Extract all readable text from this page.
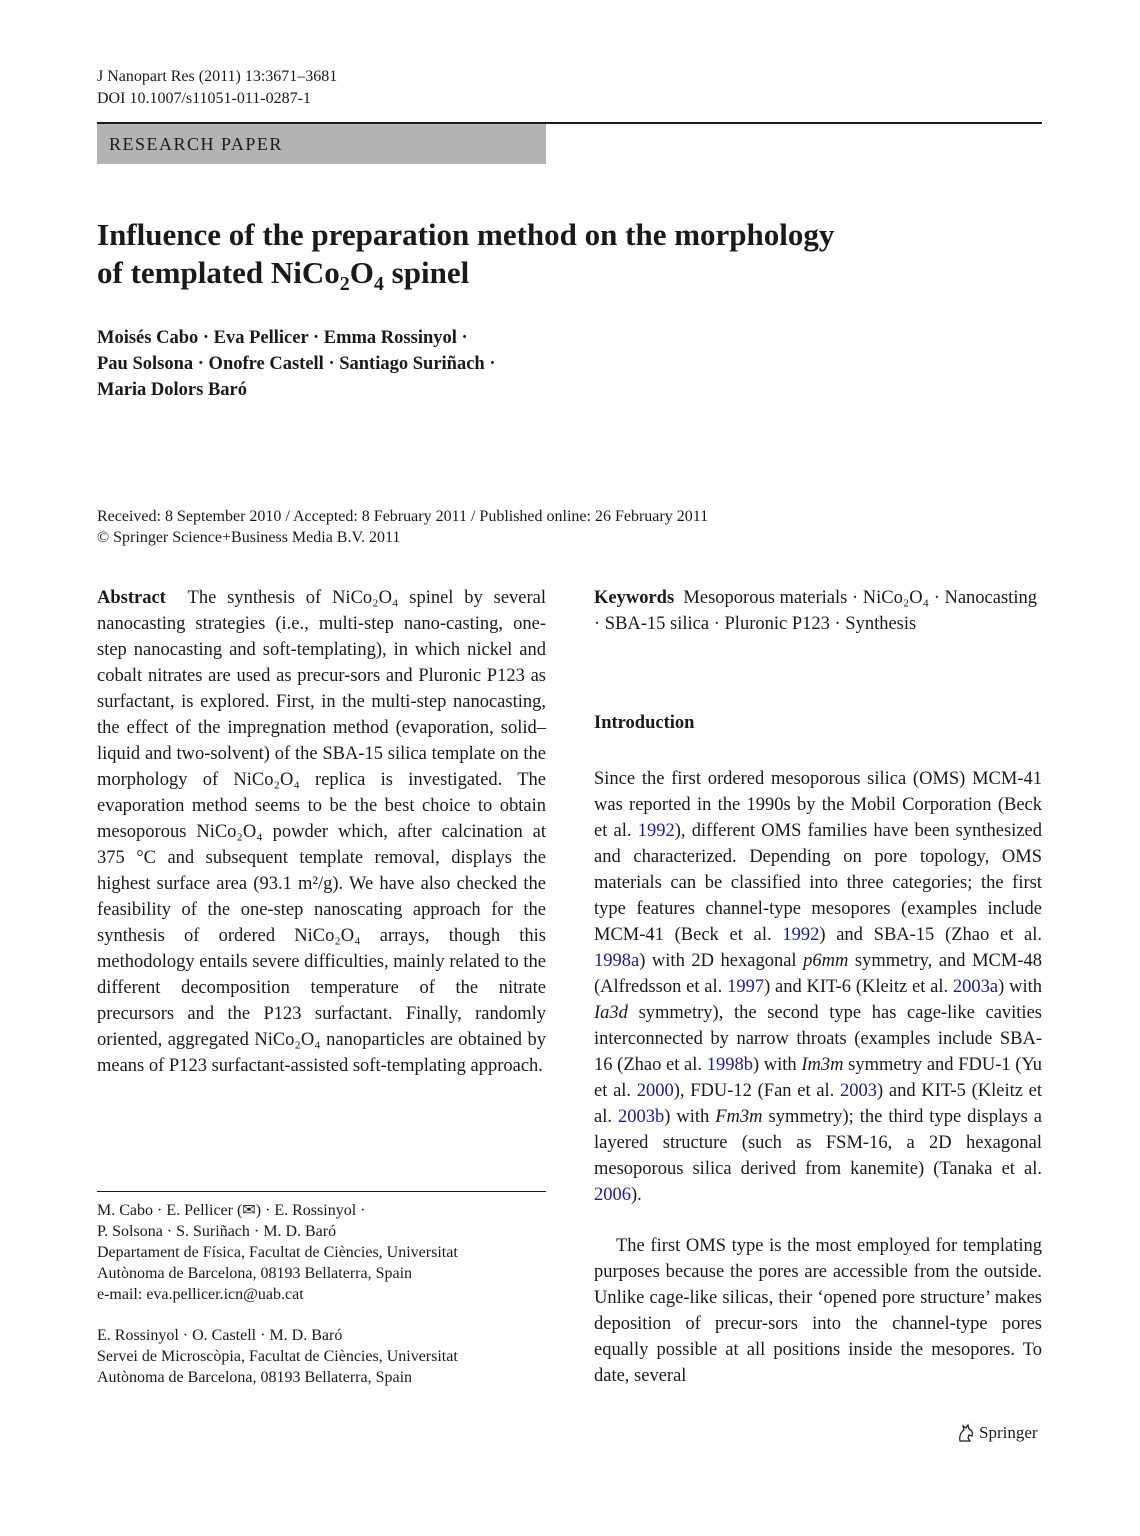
J Nanopart Res (2011) 13:3671–3681
DOI 10.1007/s11051-011-0287-1
RESEARCH PAPER
Influence of the preparation method on the morphology
of templated $NiCo_2O_4$ spinel
Moisés Cabo · Eva Pellicer · Emma Rossinyol ·
Pau Solsona · Onofre Castell · Santiago Suriñach ·
Maria Dolors Baró
Received: 8 September 2010 / Accepted: 8 February 2011 / Published online: 26 February 2011
© Springer Science+Business Media B.V. 2011
Abstract The synthesis of NiCo₂O₄ spinel by several nanocasting strategies (i.e., multi-step nano-casting, one-step nanocasting and soft-templating), in which nickel and cobalt nitrates are used as precur-sors and Pluronic P123 as surfactant, is explored. First, in the multi-step nanocasting, the effect of the impregnation method (evaporation, solid–liquid and two-solvent) of the SBA-15 silica template on the morphology of NiCo₂O₄ replica is investigated. The evaporation method seems to be the best choice to obtain mesoporous NiCo₂O₄ powder which, after calcination at 375 °C and subsequent template removal, displays the highest surface area (93.1 m²/g). We have also checked the feasibility of the one-step nanoscating approach for the synthesis of ordered NiCo₂O₄ arrays, though this methodology entails severe difficulties, mainly related to the different decomposition temperature of the nitrate precursors and the P123 surfactant. Finally, randomly oriented, aggregated NiCo₂O₄ nanoparticles are obtained by means of P123 surfactant-assisted soft-templating approach.
Keywords Mesoporous materials · NiCo₂O₄ · Nanocasting · SBA-15 silica · Pluronic P123 · Synthesis
Introduction
Since the first ordered mesoporous silica (OMS) MCM-41 was reported in the 1990s by the Mobil Corporation (Beck et al. 1992), different OMS families have been synthesized and characterized. Depending on pore topology, OMS materials can be classified into three categories; the first type features channel-type mesopores (examples include MCM-41 (Beck et al. 1992) and SBA-15 (Zhao et al. 1998a) with 2D hexagonal p6mm symmetry, and MCM-48 (Alfredsson et al. 1997) and KIT-6 (Kleitz et al. 2003a) with Ia3d symmetry), the second type has cage-like cavities interconnected by narrow throats (examples include SBA-16 (Zhao et al. 1998b) with Im3m symmetry and FDU-1 (Yu et al. 2000), FDU-12 (Fan et al. 2003) and KIT-5 (Kleitz et al. 2003b) with Fm3m symmetry); the third type displays a layered structure (such as FSM-16, a 2D hexagonal mesoporous silica derived from kanemite) (Tanaka et al. 2006).
The first OMS type is the most employed for templating purposes because the pores are accessible from the outside. Unlike cage-like silicas, their ‘opened pore structure’ makes deposition of precur-sors into the channel-type pores equally possible at all positions inside the mesopores. To date, several
M. Cabo · E. Pellicer (✉) · E. Rossinyol ·
P. Solsona · S. Suriñach · M. D. Baró
Departament de Física, Facultat de Ciències, Universitat
Autònoma de Barcelona, 08193 Bellaterra, Spain
e-mail: eva.pellicer.icn@uab.cat
E. Rossinyol · O. Castell · M. D. Baró
Servei de Microscòpia, Facultat de Ciències, Universitat
Autònoma de Barcelona, 08193 Bellaterra, Spain
Springer
